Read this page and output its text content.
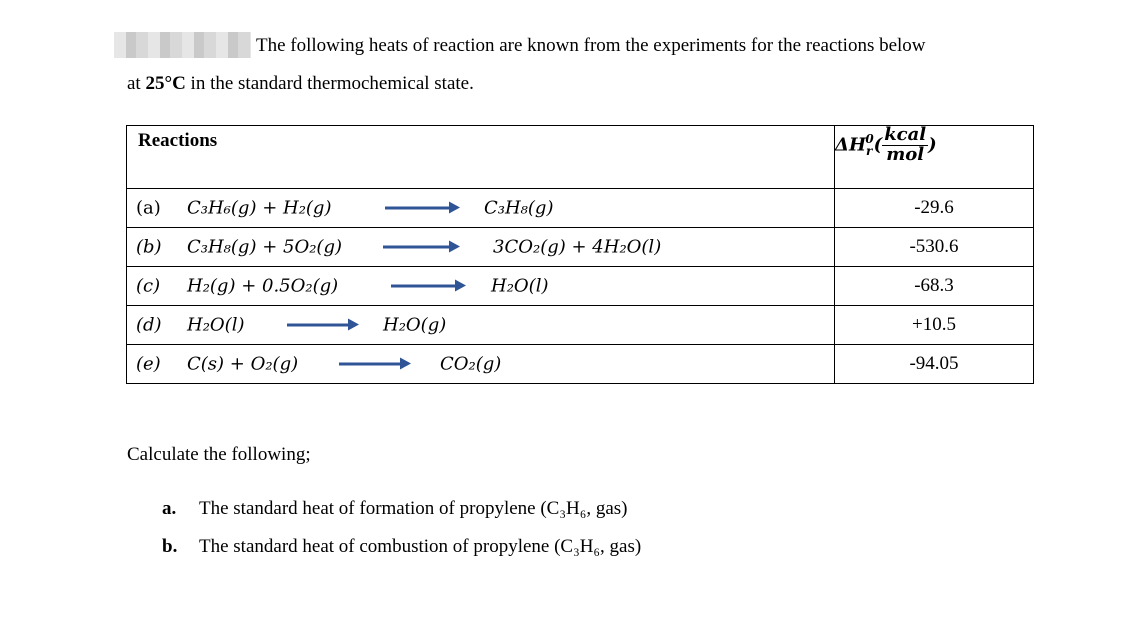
The following heats of reaction are known from the experiments for the reactions below
at 25°C in the standard thermochemical state.
Reactions	$\Delta H_r^0( \frac{\text{kcal}}{\text{mol}}$ )

(a) C₃H₆(g) + H₂(g) C₃H₈(g)	-29.6

(b) C₃H₈(g) + 5O₂(g) 3CO₂(g) + 4H₂O(l)	-530.6

(c) H₂(g) + 0.5O₂(g) H₂O(l)	-68.3

(d) H₂O(l) H₂O(g)	+10.5

(e) C(s) + O₂(g) CO₂(g)	-94.05
Calculate the following;
a. The standard heat of formation of propylene (C₃H₆, gas)
b. The standard heat of combustion of propylene (C₃H₆, gas)
